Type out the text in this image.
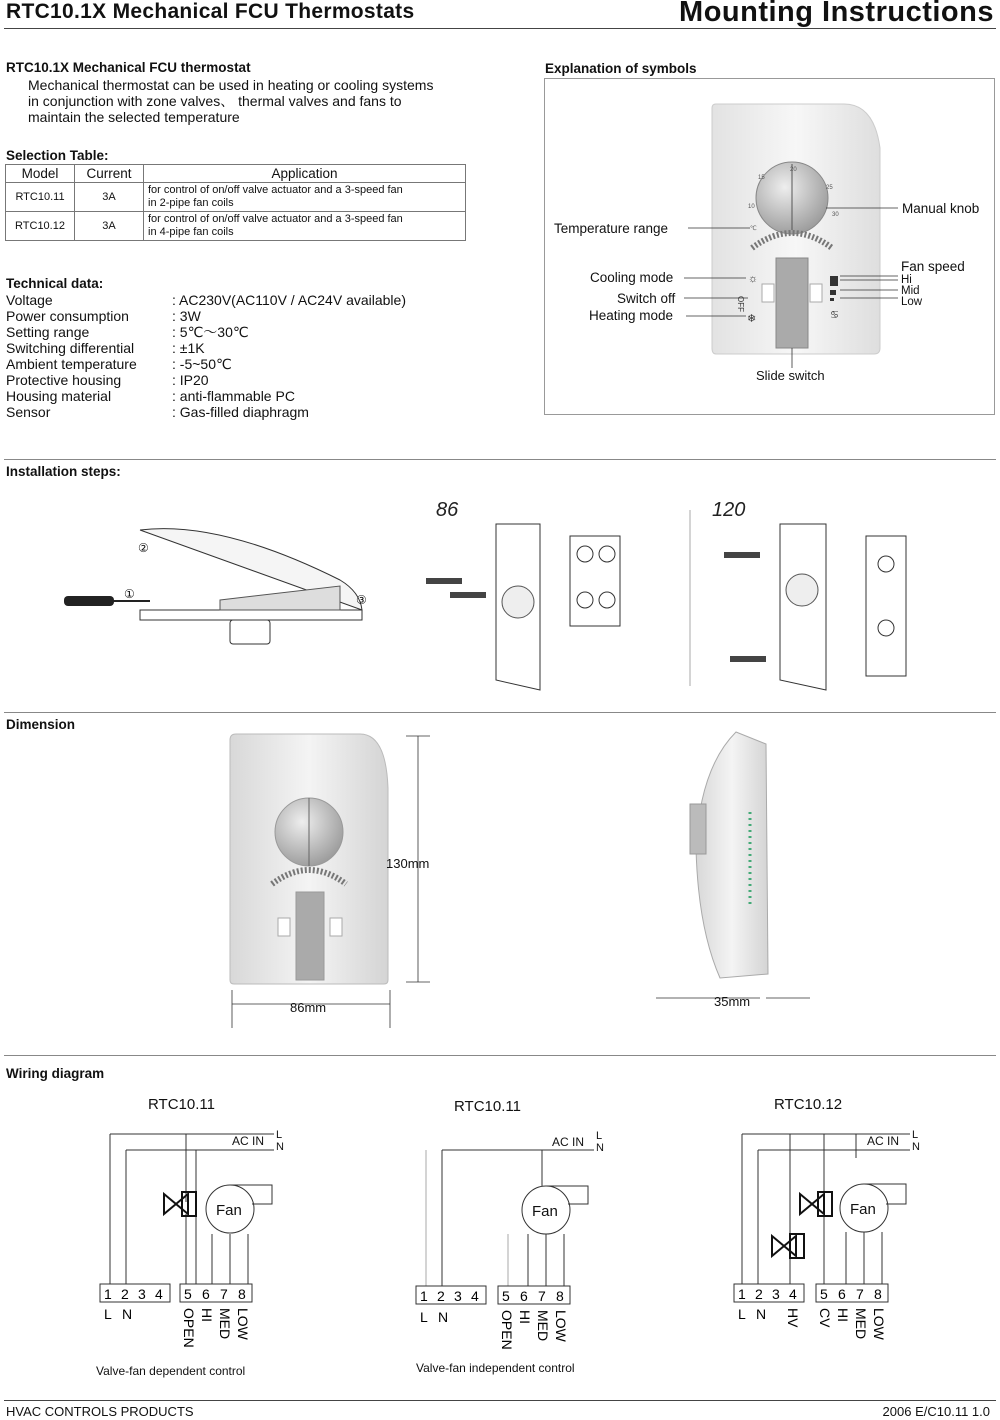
RTC10.1X Mechanical FCU Thermostats	Mounting Instructions
RTC10.1X Mechanical FCU thermostat
Mechanical thermostat can be used in heating or cooling systems
in conjunction with zone valves、 thermal valves and fans to
maintain the selected temperature
Selection Table:
Model	Current	Application
RTC10.11	3A	for control of on/off valve actuator and a 3-speed fan
in 2-pipe fan coils
RTC10.12	3A	for control of on/off valve actuator and a 3-speed fan
in 4-pipe fan coils
Technical data:
Voltage	: AC230V(AC110V / AC24V available)
Power consumption	: 3W
Setting range	: 5℃～30℃
Switching differential	: ±1K
Ambient temperature	: -5~50℃
Protective housing	: IP20
Housing material	: anti-flammable PC
Sensor	: Gas-filled diaphragm
Explanation of symbols
10
15
20
25
30
℃
☼
OFF
❄	♋
Manual knob
Temperature range
Fan speed
Hi
Mid
Low
Cooling mode
Switch off
Heating mode
Slide switch
Installation steps:
①
②
③
86	120
Dimension
130mm
86mm	35mm
Wiring diagram
RTC10.11
AC IN L
N
Fan
1 2 3 4 5 6 7 8
L N	OPEN HI MED LOW
Valve-fan dependent control
RTC10.11
AC IN L
N
Fan
1 2 3 4 5 6 7 8
L N	OPEN HI MED LOW
Valve-fan independent control
RTC10.12
AC IN L
N
Fan
1 2 3 4 5 6 7 8
L N HV CV HI MED LOW
HVAC CONTROLS PRODUCTS	2006 E/C10.11 1.0
